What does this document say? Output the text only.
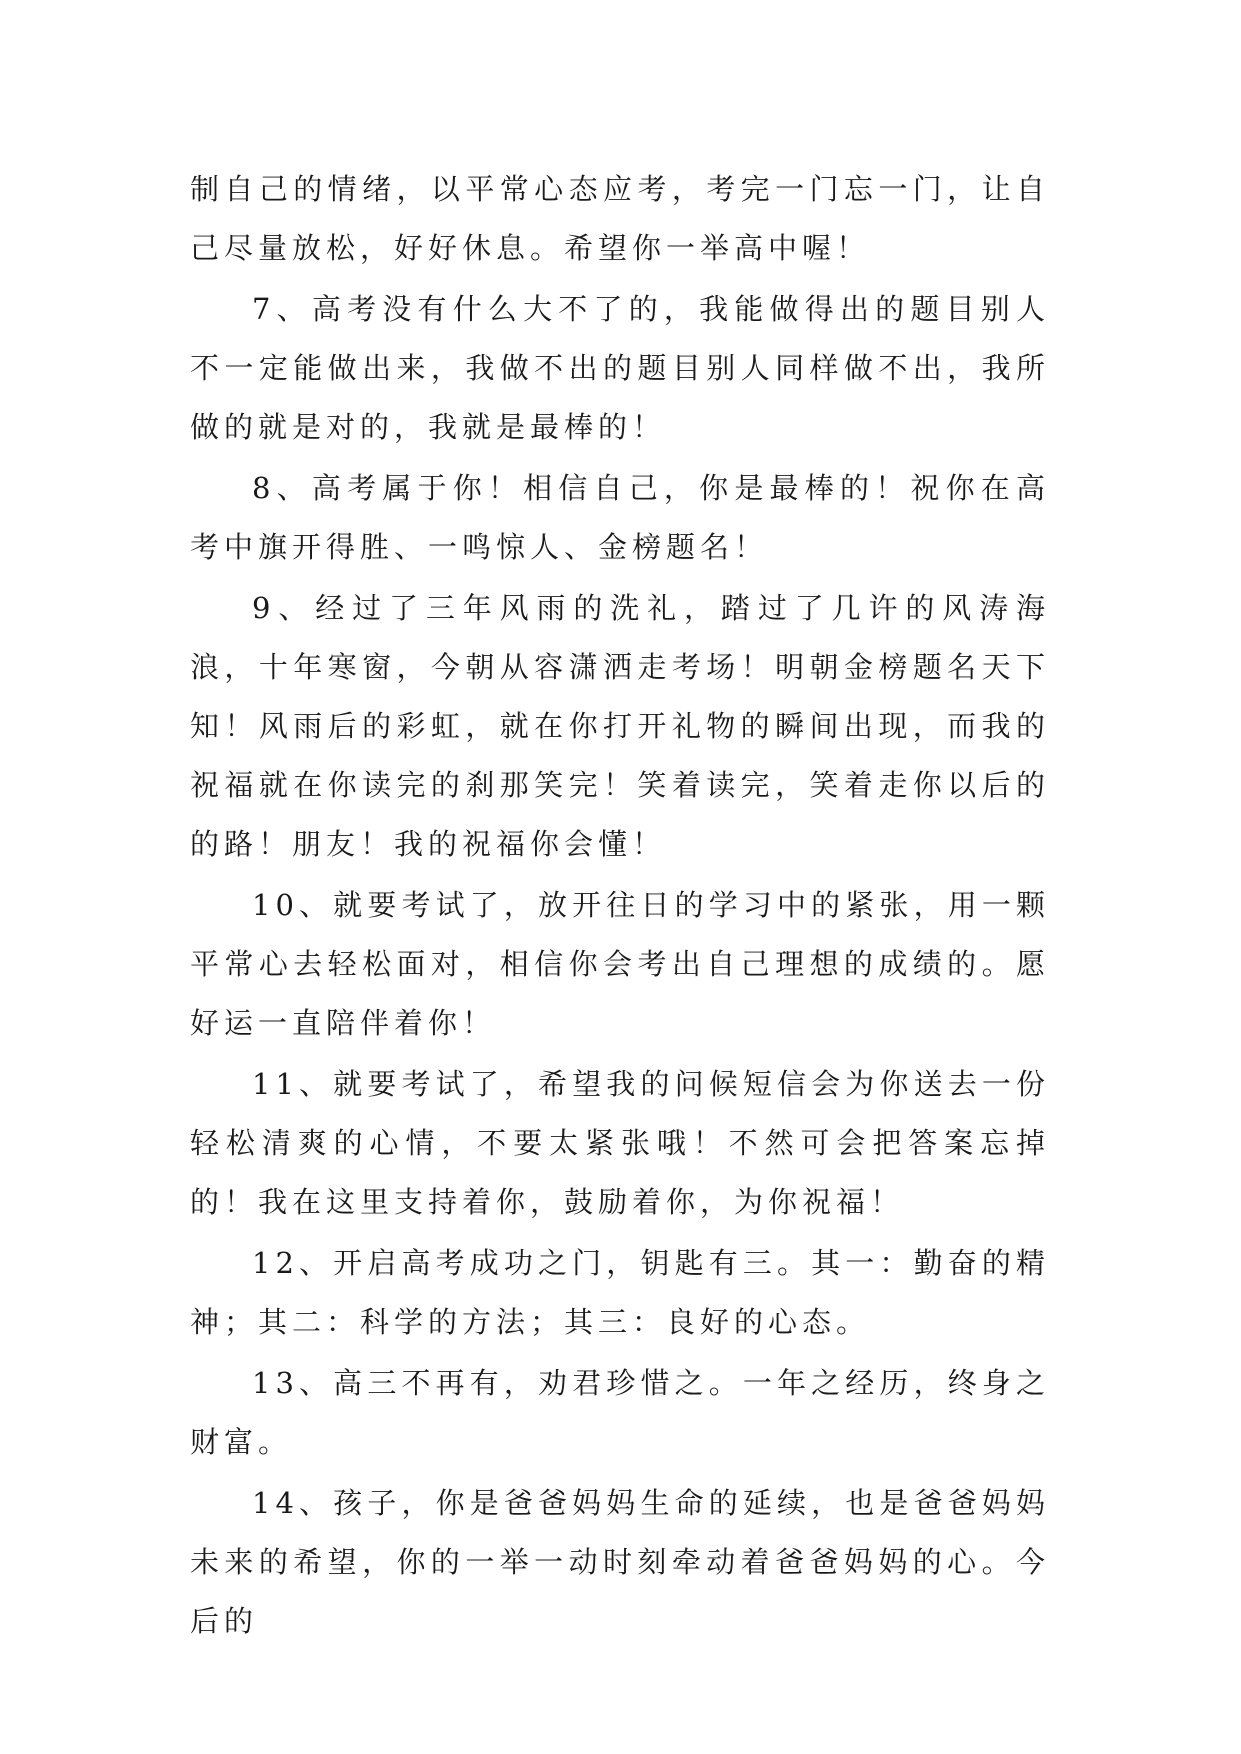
制自己的情绪，以平常心态应考，考完一门忘一门，让自己尽量放松，好好休息。希望你一举高中喔！

7、高考没有什么大不了的，我能做得出的题目别人不一定能做出来，我做不出的题目别人同样做不出，我所做的就是对的，我就是最棒的！

8、高考属于你！相信自己，你是最棒的！祝你在高考中旗开得胜、一鸣惊人、金榜题名！

9、经过了三年风雨的洗礼，踏过了几许的风涛海浪，十年寒窗，今朝从容潇洒走考场！明朝金榜题名天下知！风雨后的彩虹，就在你打开礼物的瞬间出现，而我的祝福就在你读完的刹那笑完！笑着读完，笑着走你以后的的路！朋友！我的祝福你会懂！

10、就要考试了，放开往日的学习中的紧张，用一颗平常心去轻松面对，相信你会考出自己理想的成绩的。愿好运一直陪伴着你！

11、就要考试了，希望我的问候短信会为你送去一份轻松清爽的心情，不要太紧张哦！不然可会把答案忘掉的！我在这里支持着你，鼓励着你，为你祝福！

12、开启高考成功之门，钥匙有三。其一：勤奋的精神；其二：科学的方法；其三：良好的心态。

13、高三不再有，劝君珍惜之。一年之经历，终身之财富。

14、孩子，你是爸爸妈妈生命的延续，也是爸爸妈妈未来的希望，你的一举一动时刻牵动着爸爸妈妈的心。今后的
